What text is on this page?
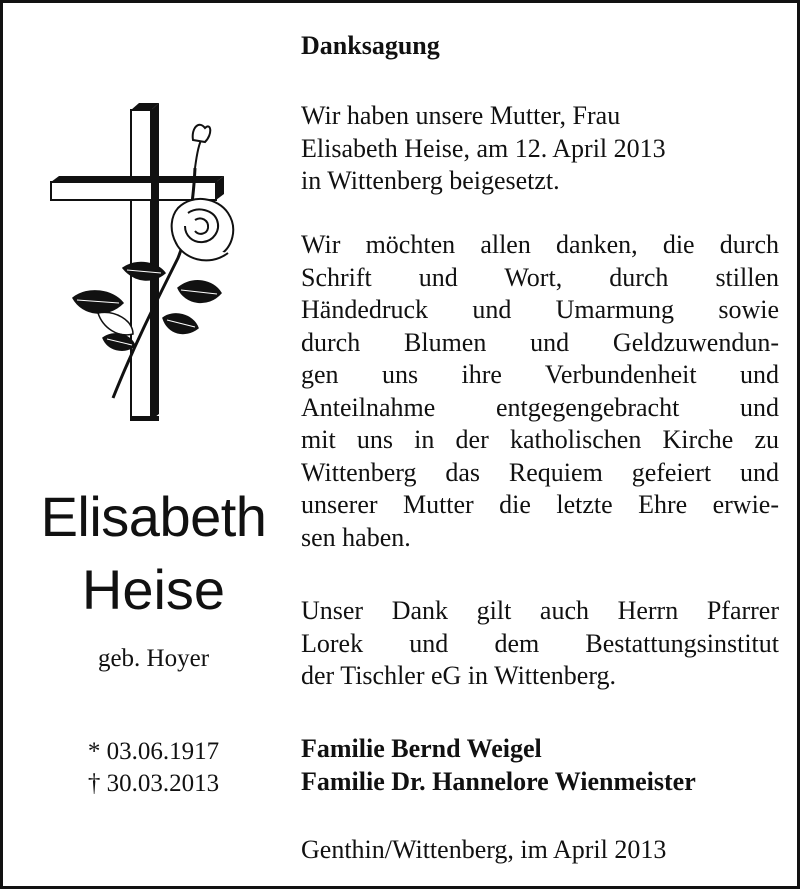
Elisabeth
Heise
geb. Hoyer
* 03.06.1917
† 30.03.2013
Danksagung
Wir haben unsere Mutter, Frau
Elisabeth Heise, am 12. April 2013
in Wittenberg beigesetzt.
Wir möchten allen danken, die durch
Schrift und Wort, durch stillen
Händedruck und Umarmung sowie
durch Blumen und Geldzuwendun-
gen uns ihre Verbundenheit und
Anteilnahme entgegengebracht und
mit uns in der katholischen Kirche zu
Wittenberg das Requiem gefeiert und
unserer Mutter die letzte Ehre erwie-
sen haben.
Unser Dank gilt auch Herrn Pfarrer
Lorek und dem Bestattungsinstitut
der Tischler eG in Wittenberg.
Familie Bernd Weigel
Familie Dr. Hannelore Wienmeister
Genthin/Wittenberg, im April 2013
